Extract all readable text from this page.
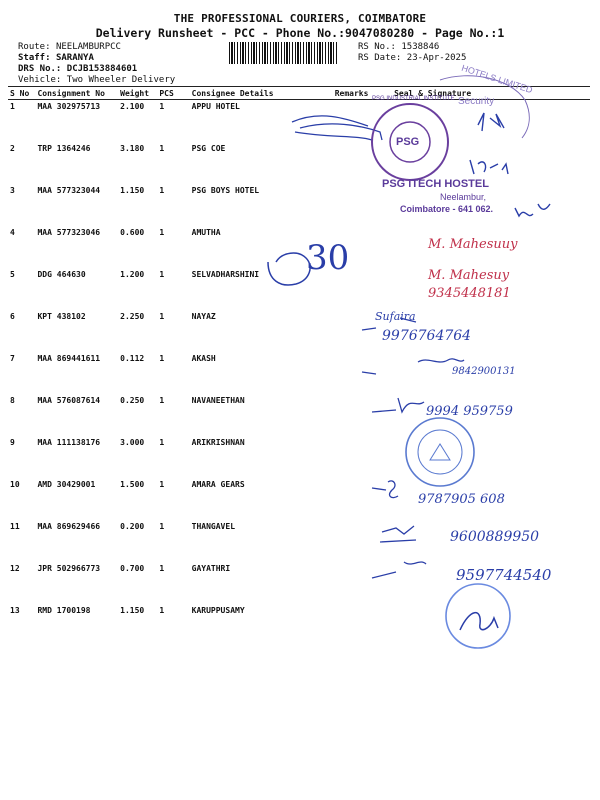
THE PROFESSIONAL COURIERS, COIMBATORE
Delivery Runsheet - PCC - Phone No.:9047080280 - Page No.:1
Route: NEELAMBURPCC
Staff: SARANYA
DRS No.: DCJB153884601
Vehicle: Two Wheeler Delivery
RS No.: 1538846
RS Date: 23-Apr-2025
S No	Consignment No	Weight	PCS	Consignee Details	Remarks	Seal & Signature
1	MAA 302975713	2.100	1	APPU HOTEL		
2	TRP 1364246	3.180	1	PSG COE		
3	MAA 577323044	1.150	1	PSG BOYS HOTEL		
4	MAA 577323046	0.600	1	AMUTHA		
5	DDG 464630	1.200	1	SELVADHARSHINI		
6	KPT 438102	2.250	1	NAYAZ		
7	MAA 869441611	0.112	1	AKASH		
8	MAA 576087614	0.250	1	NAVANEETHAN		
9	MAA 111138176	3.000	1	ARIKRISHNAN		
10	AMD 30429001	1.500	1	AMARA GEARS		
11	MAA 869629466	0.200	1	THANGAVEL		
12	JPR 502966773	0.700	1	GAYATHRI		
13	RMD 1700198	1.150	1	KARUPPUSAMY		
30	M. Mahesuuy
M. Mahesuy
9345448181
Sufaira
9976764764
9842900131
9994 959759
9787905 608
9600889950
9597744540
PSG iTECH HOSTEL
Neelambur,
Coimbatore - 641 062.
PSG
PSG INDUSTRIAL INSTITUTE
HOTELS LIMITED
Security
